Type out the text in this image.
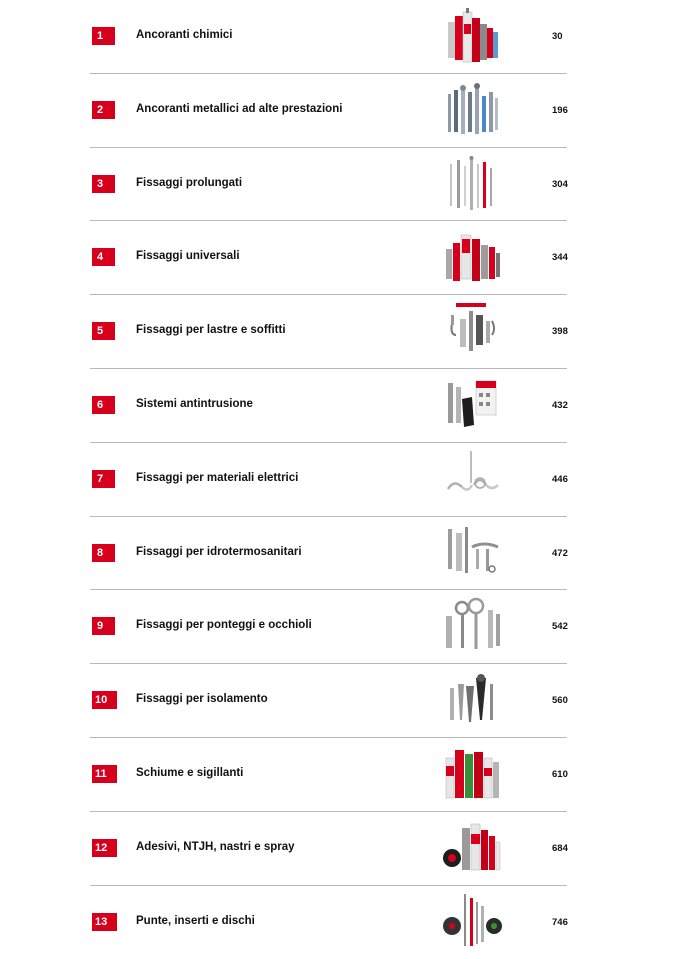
1	Ancoranti chimici	30
2	Ancoranti metallici ad alte prestazioni	196
3	Fissaggi prolungati	304
4	Fissaggi universali	344
5	Fissaggi per lastre e soffitti	398
6	Sistemi antintrusione	432
7	Fissaggi per materiali elettrici	446
8	Fissaggi per idrotermosanitari	472
9	Fissaggi per ponteggi e occhioli	542
10	Fissaggi per isolamento	560
11	Schiume e sigillanti	610
12	Adesivi, NTJH, nastri e spray	684
13	Punte, inserti e dischi	746
